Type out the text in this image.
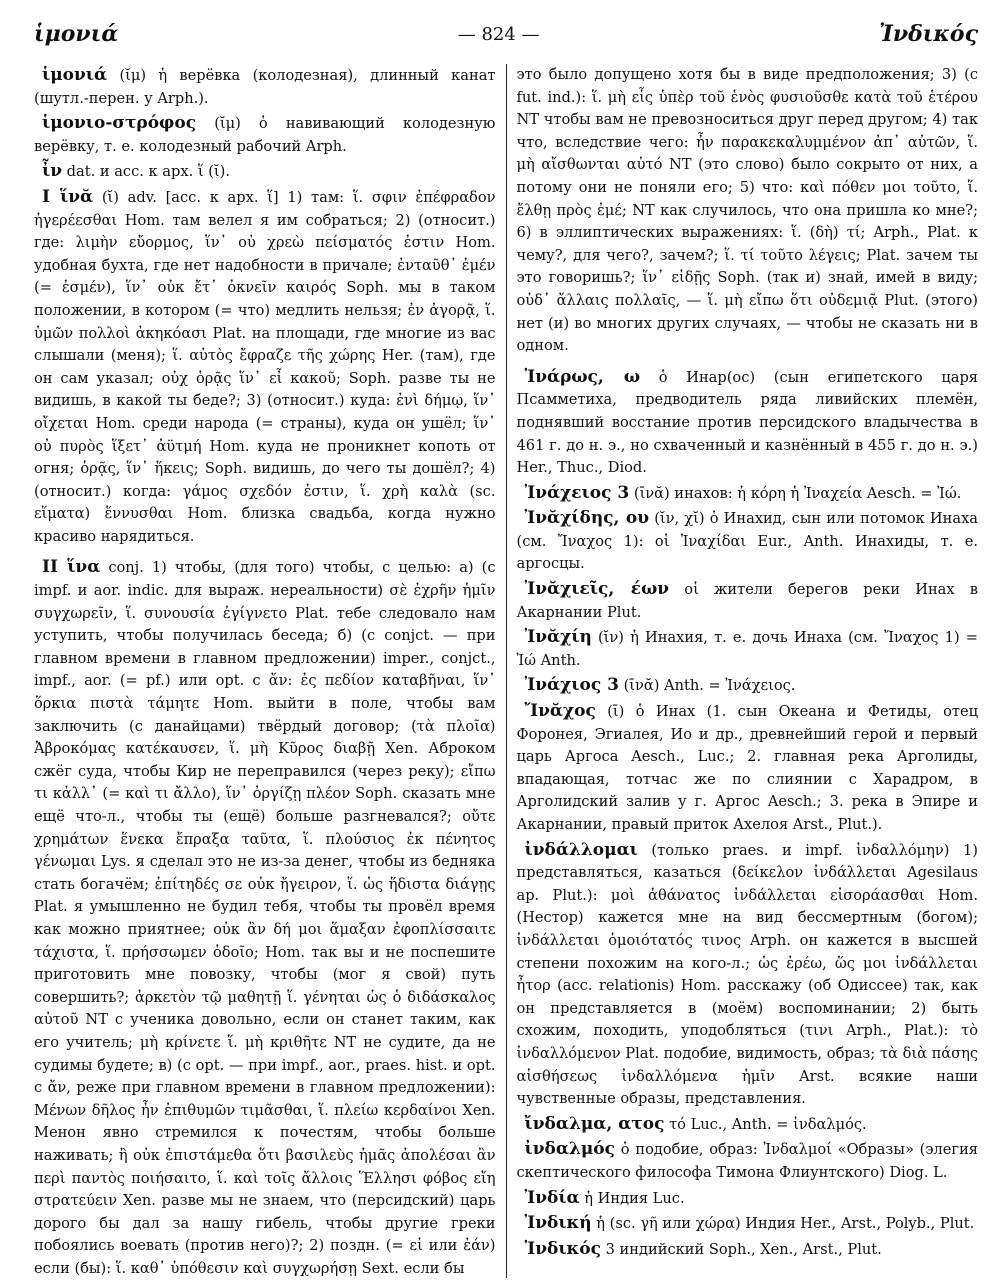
ἱμονιά	— 824 —	Ἰνδικός

ἱμονιά (ῐμ) ἡ верёвка (колодезная), длинный канат (шутл.-перен. у Arph.).

ἱμονιο-στρόφος (ῐμ) ὁ навивающий колодезную верёвку, т. е. колодезный рабочий Arph.

ἶν dat. и acc. к арх. ἵ (ῐ).

I ἵνᾰ (ῐ) adv. [acc. к арх. ἵ] 1) там: ἵ. σφιν ἐπέφραδον ἠγερέεσθαι Hom. там велел я им собраться; 2) (относит.) где: λιμὴν εὔορμος, ἵν᾽ οὐ χρεὼ πείσματός ἐστιν Hom. удобная бухта, где нет надобности в причале; ἐνταῦθ᾽ ἐμέν (= ἐσμέν), ἵν᾽ οὐκ ἔτ᾽ ὀκνεῖν καιρός Soph. мы в таком положении, в котором (= что) медлить нельзя; ἐν ἀγορᾷ, ἵ. ὑμῶν πολλοὶ ἀκηκόασι Plat. на площади, где многие из вас слышали (меня); ἵ. αὐτὸς ἔφραζε τῆς χώρης Her. (там), где он сам указал; οὐχ ὁρᾷς ἵν᾽ εἶ κακοῦ; Soph. разве ты не видишь, в какой ты беде?; 3) (относит.) куда: ἐνὶ δήμῳ, ἵν᾽ οἴχεται Hom. среди народа (= страны), куда он ушёл; ἵν᾽ οὐ πυρὸς ἵξετ᾽ ἀϋτμή Hom. куда не проникнет копоть от огня; ὁρᾷς, ἵν᾽ ἥκεις; Soph. видишь, до чего ты дошёл?; 4) (относит.) когда: γάμος σχεδόν ἐστιν, ἵ. χρὴ καλὰ (sc. εἵματα) ἕννυσθαι Hom. близка свадьба, когда нужно красиво нарядиться.

II ἵνα conj. 1) чтобы, (для того) чтобы, с целью: а) (с impf. и aor. indic. для выраж. нереальности) σὲ ἐχρῆν ἡμῖν συγχωρεῖν, ἵ. συνουσία ἐγίγνετο Plat. тебе следовало нам уступить, чтобы получилась беседа; б) (с conjct. — при главном времени в главном предложении) imper., conjct., impf., aor. (= pf.) или opt. с ἄν: ἐς πεδίον καταβῆναι, ἵν᾽ ὅρκια πιστὰ τάμητε Hom. выйти в поле, чтобы вам заключить (с данайцами) твёрдый договор; (τὰ πλοῖα) Ἀβροκόμας κατέκαυσεν, ἵ. μὴ Κῦρος διαβῇ Xen. Аброком сжёг суда, чтобы Кир не переправился (через реку); εἴπω τι κἀλλ᾽ (= καὶ τι ἄλλο), ἵν᾽ ὀργίζῃ πλέον Soph. сказать мне ещё что-л., чтобы ты (ещё) больше разгневался?; οὔτε χρημάτων ἕνεκα ἔπραξα ταῦτα, ἵ. πλούσιος ἐκ πένητος γένωμαι Lys. я сделал это не из-за денег, чтобы из бедняка стать богачём; ἐπίτηδές σε οὐκ ἤγειρον, ἵ. ὡς ἥδιστα διάγῃς Plat. я умышленно не будил тебя, чтобы ты провёл время как можно приятнее; οὐκ ἂν δή μοι ἅμαξαν ἐφοπλίσσαιτε τάχιστα, ἵ. πρήσσωμεν ὁδοῖο; Hom. так вы и не поспешите приготовить мне повозку, чтобы (мог я свой) путь совершить?; ἀρκετὸν τῷ μαθητῇ ἵ. γένηται ὡς ὁ διδάσκαλος αὐτοῦ NT с ученика довольно, если он станет таким, как его учитель; μὴ κρίνετε ἵ. μὴ κριθῆτε NT не судите, да не судимы будете; в) (с opt. — при impf., aor., praes. hist. и opt. с ἄν, реже при главном времени в главном предложении): Μένων δῆλος ἦν ἐπιθυμῶν τιμᾶσθαι, ἵ. πλείω κερδαίνοι Xen. Менон явно стремился к почестям, чтобы больше наживать; ἢ οὐκ ἐπιστάμεθα ὅτι βασιλεὺς ἡμᾶς ἀπολέσαι ἂν περὶ παντὸς ποιήσαιτο, ἵ. καὶ τοῖς ἄλλοις Ἕλλησι φόβος εἴη στρατεύειν Xen. разве мы не знаем, что (персидский) царь дорого бы дал за нашу гибель, чтобы другие греки побоялись воевать (против него)?; 2) поздн. (= εἰ или ἐάν) если (бы): ἵ. καθ᾽ ὑπόθεσιν καὶ συγχωρήσῃ Sext. если бы

это было допущено хотя бы в виде предположения; 3) (с fut. ind.): ἵ. μὴ εἷς ὑπὲρ τοῦ ἑνὸς φυσιοῦσθε κατὰ τοῦ ἑτέρου NT чтобы вам не превозноситься друг перед другом; 4) так что, вследствие чего: ἦν παρακεκαλυμμένον ἀπ᾽ αὐτῶν, ἵ. μὴ αἴσθωνται αὐτό NT (это слово) было сокрыто от них, а потому они не поняли его; 5) что: καὶ πόθεν μοι τοῦτο, ἵ. ἔλθῃ πρὸς ἐμέ; NT как случилось, что она пришла ко мне?; 6) в эллиптических выражениях: ἵ. (δὴ) τί; Arph., Plat. к чему?, для чего?, зачем?; ἵ. τί τοῦτο λέγεις; Plat. зачем ты это говоришь?; ἵν᾽ εἰδῇς Soph. (так и) знай, имей в виду; οὐδ᾽ ἄλλαις πολλαῖς, — ἵ. μὴ εἴπω ὅτι οὐδεμιᾷ Plut. (этого) нет (и) во многих других случаях, — чтобы не сказать ни в одном.

Ἰνάρως, ω ὁ Инар(ос) (сын египетского царя Псамметиха, предводитель ряда ливийских племён, поднявший восстание против персидского владычества в 461 г. до н. э., но схваченный и казнённый в 455 г. до н. э.) Her., Thuc., Diod.

Ἰνάχειος 3 (ῑνᾰ) инахов: ἡ κόρη ἡ Ἰναχεία Aesch. = Ἰώ.

Ἰνᾰχίδης, ου (ῐν, χῐ) ὁ Инахид, сын или потомок Инаха (см. Ἴναχος 1): οἱ Ἰναχίδαι Eur., Anth. Инахиды, т. е. аргосцы.

Ἰνᾰχιεῖς, έων οἱ жители берегов реки Инах в Акарнании Plut.

Ἰνᾰχίη (ῐν) ἡ Инахия, т. е. дочь Инаха (см. Ἴναχος 1) = Ἰώ Anth.

Ἰνάχιος 3 (ῑνᾰ) Anth. = Ἰνάχειος.

Ἴνᾰχος (ῑ) ὁ Инах (1. сын Океана и Фетиды, отец Форонея, Эгиалея, Ио и др., древнейший герой и первый царь Аргоса Aesch., Luc.; 2. главная река Арголиды, впадающая, тотчас же по слиянии с Харадром, в Арголидский залив у г. Аргос Aesch.; 3. река в Эпире и Акарнании, правый приток Ахелоя Arst., Plut.).

ἰνδάλλομαι (только praes. и impf. ἰνδαλλόμην) 1) представляться, казаться (δείκελον ἰνδάλλεται Agesilaus ap. Plut.): μοὶ ἀθάνατος ἰνδάλλεται εἰσοράασθαι Hom. (Нестор) кажется мне на вид бессмертным (богом); ἰνδάλλεται ὁμοιότατός τινος Arph. он кажется в высшей степени похожим на кого-л.; ὡς ἐρέω, ὥς μοι ἰνδάλλεται ἦτορ (acc. relationis) Hom. расскажу (об Одиссее) так, как он представляется в (моём) воспоминании; 2) быть схожим, походить, уподобляться (τινι Arph., Plat.): τὸ ἰνδαλλόμενον Plat. подобие, видимость, образ; τὰ διὰ πάσης αἰσθήσεως ἰνδαλλόμενα ἡμῖν Arst. всякие наши чувственные образы, представления.

ἴνδαλμα, ατος τό Luc., Anth. = ἰνδαλμός.

ἰνδαλμός ὁ подобие, образ: Ἰνδαλμοί «Образы» (элегия скептического философа Тимона Флиунтского) Diog. L.

Ἰνδία ἡ Индия Luc.

Ἰνδική ἡ (sc. γῆ или χώρα) Индия Her., Arst., Polyb., Plut.

Ἰνδικός 3 индийский Soph., Xen., Arst., Plut.
